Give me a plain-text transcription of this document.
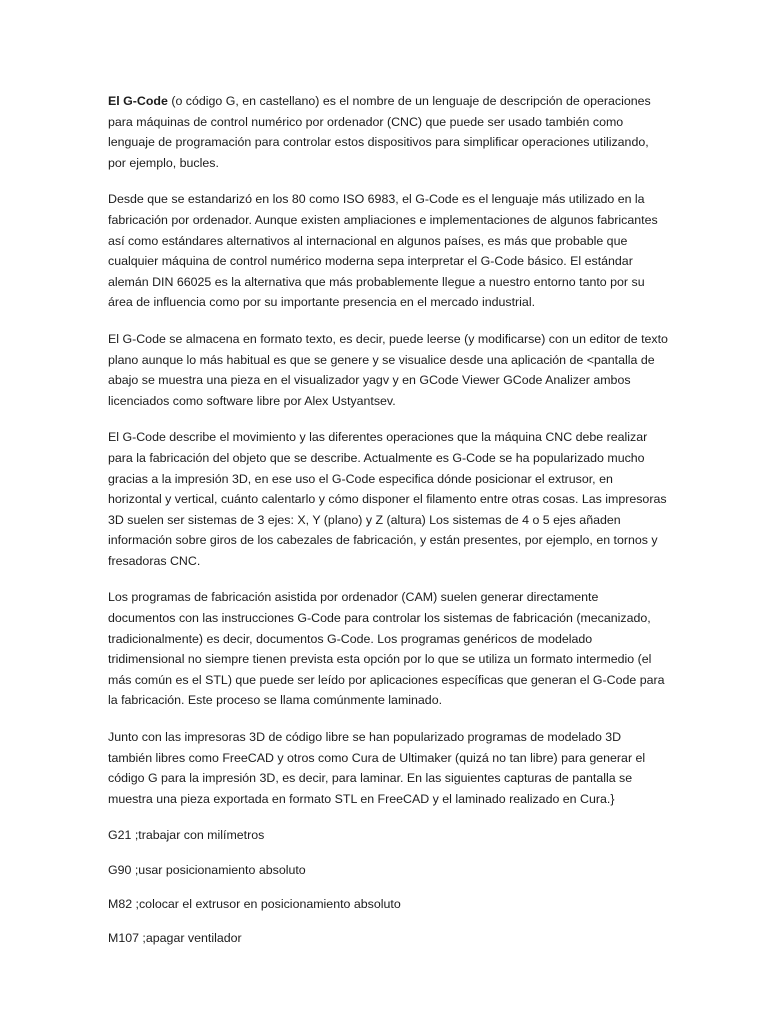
El G-Code (o código G, en castellano) es el nombre de un lenguaje de descripción de operaciones para máquinas de control numérico por ordenador (CNC) que puede ser usado también como lenguaje de programación para controlar estos dispositivos para simplificar operaciones utilizando, por ejemplo, bucles.

Desde que se estandarizó en los 80 como ISO 6983, el G-Code es el lenguaje más utilizado en la fabricación por ordenador. Aunque existen ampliaciones e implementaciones de algunos fabricantes así como estándares alternativos al internacional en algunos países, es más que probable que cualquier máquina de control numérico moderna sepa interpretar el G-Code básico. El estándar alemán DIN 66025 es la alternativa que más probablemente llegue a nuestro entorno tanto por su área de influencia como por su importante presencia en el mercado industrial.

El G-Code se almacena en formato texto, es decir, puede leerse (y modificarse) con un editor de texto plano aunque lo más habitual es que se genere y se visualice desde una aplicación de <pantalla de abajo se muestra una pieza en el visualizador yagv y en GCode Viewer GCode Analizer ambos licenciados como software libre por Alex Ustyantsev.

El G-Code describe el movimiento y las diferentes operaciones que la máquina CNC debe realizar para la fabricación del objeto que se describe. Actualmente es G-Code se ha popularizado mucho gracias a la impresión 3D, en ese uso el G-Code especifica dónde posicionar el extrusor, en horizontal y vertical, cuánto calentarlo y cómo disponer el filamento entre otras cosas. Las impresoras 3D suelen ser sistemas de 3 ejes: X, Y (plano) y Z (altura) Los sistemas de 4 o 5 ejes añaden información sobre giros de los cabezales de fabricación, y están presentes, por ejemplo, en tornos y fresadoras CNC.

Los programas de fabricación asistida por ordenador (CAM) suelen generar directamente documentos con las instrucciones G-Code para controlar los sistemas de fabricación (mecanizado, tradicionalmente) es decir, documentos G-Code. Los programas genéricos de modelado tridimensional no siempre tienen prevista esta opción por lo que se utiliza un formato intermedio (el más común es el STL) que puede ser leído por aplicaciones específicas que generan el G-Code para la fabricación. Este proceso se llama comúnmente laminado.

Junto con las impresoras 3D de código libre se han popularizado programas de modelado 3D también libres como FreeCAD y otros como Cura de Ultimaker (quizá no tan libre) para generar el código G para la impresión 3D, es decir, para laminar. En las siguientes capturas de pantalla se muestra una pieza exportada en formato STL en FreeCAD y el laminado realizado en Cura.}

G21 ;trabajar con milímetros

G90 ;usar posicionamiento absoluto

M82 ;colocar el extrusor en posicionamiento absoluto

M107 ;apagar ventilador
